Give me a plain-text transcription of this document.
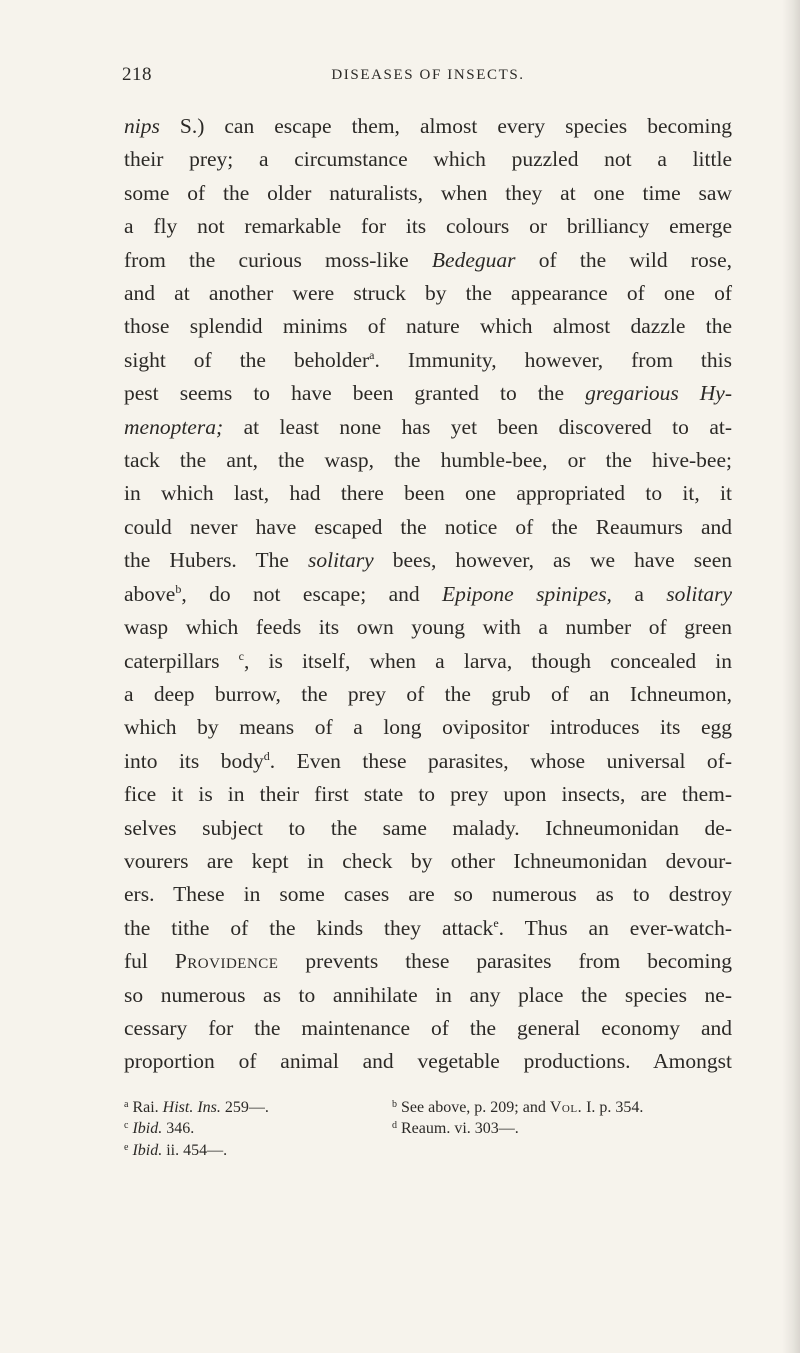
218	DISEASES OF INSECTS.
nips S.) can escape them, almost every species becoming
their prey; a circumstance which puzzled not a little
some of the older naturalists, when they at one time saw
a fly not remarkable for its colours or brilliancy emerge
from the curious moss-like Bedeguar of the wild rose,
and at another were struck by the appearance of one of
those splendid minims of nature which almost dazzle the
sight of the beholder$^a$. Immunity, however, from this
pest seems to have been granted to the gregarious Hy-
menoptera; at least none has yet been discovered to at-
tack the ant, the wasp, the humble-bee, or the hive-bee;
in which last, had there been one appropriated to it, it
could never have escaped the notice of the Reaumurs and
the Hubers. The solitary bees, however, as we have seen
above$^b$, do not escape; and Epipone spinipes, a solitary
wasp which feeds its own young with a number of green
caterpillars $^c$, is itself, when a larva, though concealed in
a deep burrow, the prey of the grub of an Ichneumon,
which by means of a long ovipositor introduces its egg
into its body$^d$. Even these parasites, whose universal of-
fice it is in their first state to prey upon insects, are them-
selves subject to the same malady. Ichneumonidan de-
vourers are kept in check by other Ichneumonidan devour-
ers. These in some cases are so numerous as to destroy
the tithe of the kinds they attack$^e$. Thus an ever-watch-
ful Providence prevents these parasites from becoming
so numerous as to annihilate in any place the species ne-
cessary for the maintenance of the general economy and
proportion of animal and vegetable productions. Amongst
$^a$ Rai. Hist. Ins. 259—.	$^b$ See above, p. 209; and Vol. I. p. 354.
$^c$ Ibid. 346.	$^d$ Reaum. vi. 303—.
$^e$ Ibid. ii. 454—.
